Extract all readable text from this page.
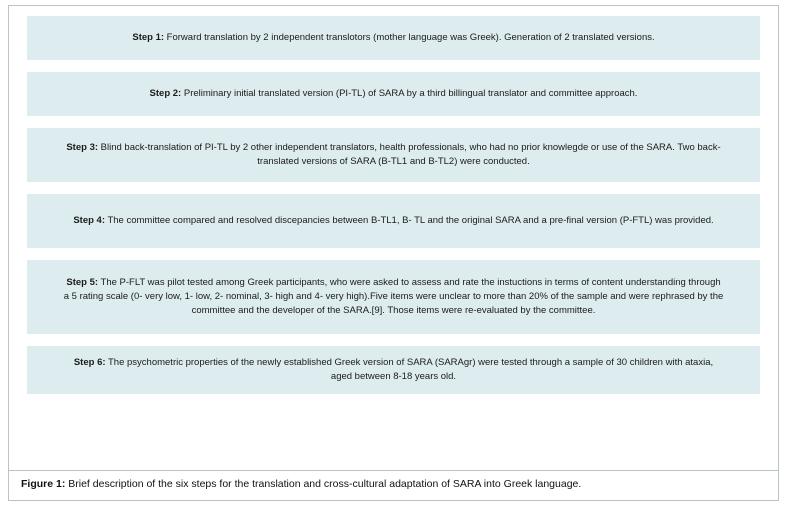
Step 1: Forward translation by 2 independent translotors (mother language was Greek). Generation of 2 translated versions.
Step 2: Preliminary initial translated version (PI-TL) of SARA by a third billingual translator and committee approach.
Step 3: Blind back-translation of PI-TL by 2 other independent translators, health professionals, who had no prior knowlegde or use of the SARA. Two back-translated versions of SARA (B-TL1 and B-TL2) were conducted.
Step 4: The committee compared and resolved discepancies between B-TL1, B- TL and the original SARA and a pre-final version (P-FTL) was provided.
Step 5: The P-FLT was pilot tested among Greek participants, who were asked to assess and rate the instuctions in terms of content understanding through a 5 rating scale (0- very low, 1- low, 2- nominal, 3- high and 4- very high).Five items were unclear to more than 20% of the sample and were rephrased by the committee and the developer of the SARA.[9]. Those items were re-evaluated by the committee.
Step 6: The psychometric properties of the newly established Greek version of SARA (SARAgr) were tested through a sample of 30 children with ataxia, aged between 8-18 years old.
Figure 1: Brief description of the six steps for the translation and cross-cultural adaptation of SARA into Greek language.
